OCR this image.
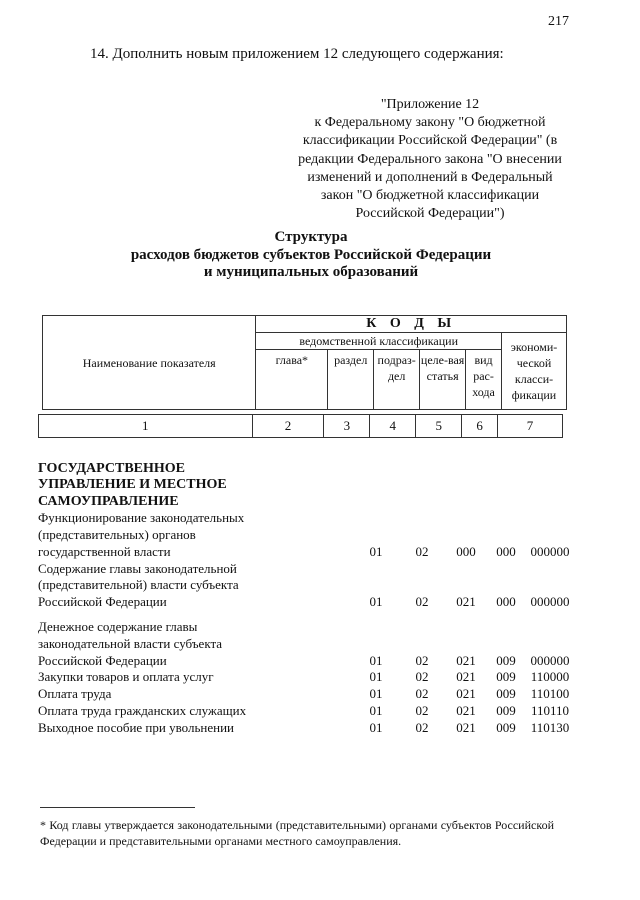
217
14. Дополнить новым приложением 12 следующего содержания:
"Приложение 12
к Федеральному закону "О бюджетной
классификации Российской Федерации" (в
редакции Федерального закона "О внесении
изменений и дополнений в Федеральный
закон "О бюджетной классификации
Российской Федерации")
Структура
расходов бюджетов субъектов Российской Федерации
и муниципальных образований
Наименование показателя	К О Д Ы					
	ведомственной классификации					экономи-ческой класси-фикации
	глава*	раздел	подраз-дел	целе-вая статья	вид рас-хода	
1	2	3	4	5	6	7
ГОСУДАРСТВЕННОЕ УПРАВЛЕНИЕ И МЕСТНОЕ САМОУПРАВЛЕНИЕ
Функционирование законодательных (представительных) органов государственной власти	01	02	000	000	000000
Содержание главы законодательной (представительной) власти субъекта Российской Федерации	01	02	021	000	000000
Денежное содержание главы законодательной власти субъекта Российской Федерации	01	02	021	009	000000
Закупки товаров и оплата услуг	01	02	021	009	110000
Оплата труда	01	02	021	009	110100
Оплата труда гражданских служащих	01	02	021	009	110110
Выходное пособие при увольнении	01	02	021	009	110130
* Код главы утверждается законодательными (представительными) органами субъектов Российской Федерации и представительными органами местного самоуправления.
